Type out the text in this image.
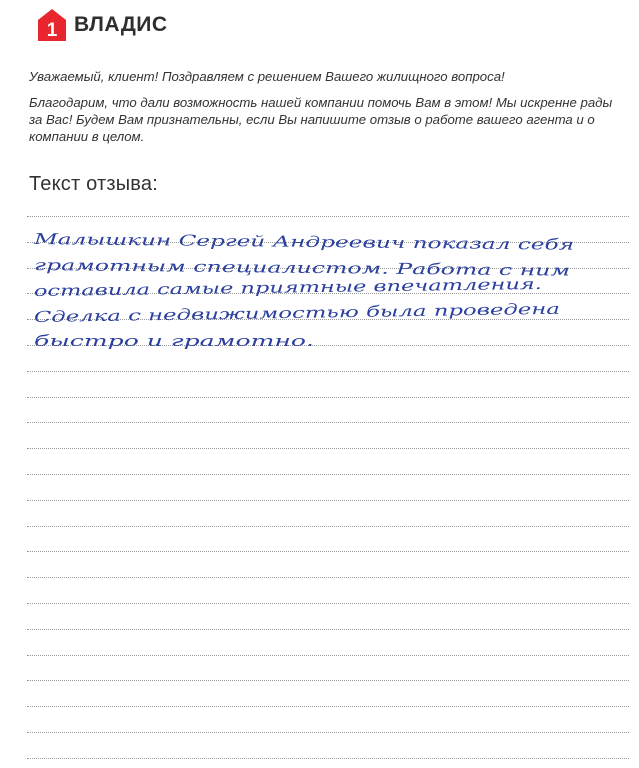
1 ВЛАДИС
Уважаемый, клиент! Поздравляем с решением Вашего жилищного вопроса!
Благодарим, что дали возможность нашей компании помочь Вам в этом! Мы искренне рады за Вас! Будем Вам признательны, если Вы напишите отзыв о работе вашего агента и о компании в целом.
Текст отзыва:
Малышкин Сергей Андреевич показал себя
грамотным специалистом. Работа с ним
оставила самые приятные впечатления.
Сделка с недвижимостью была проведена
быстро и грамотно.
